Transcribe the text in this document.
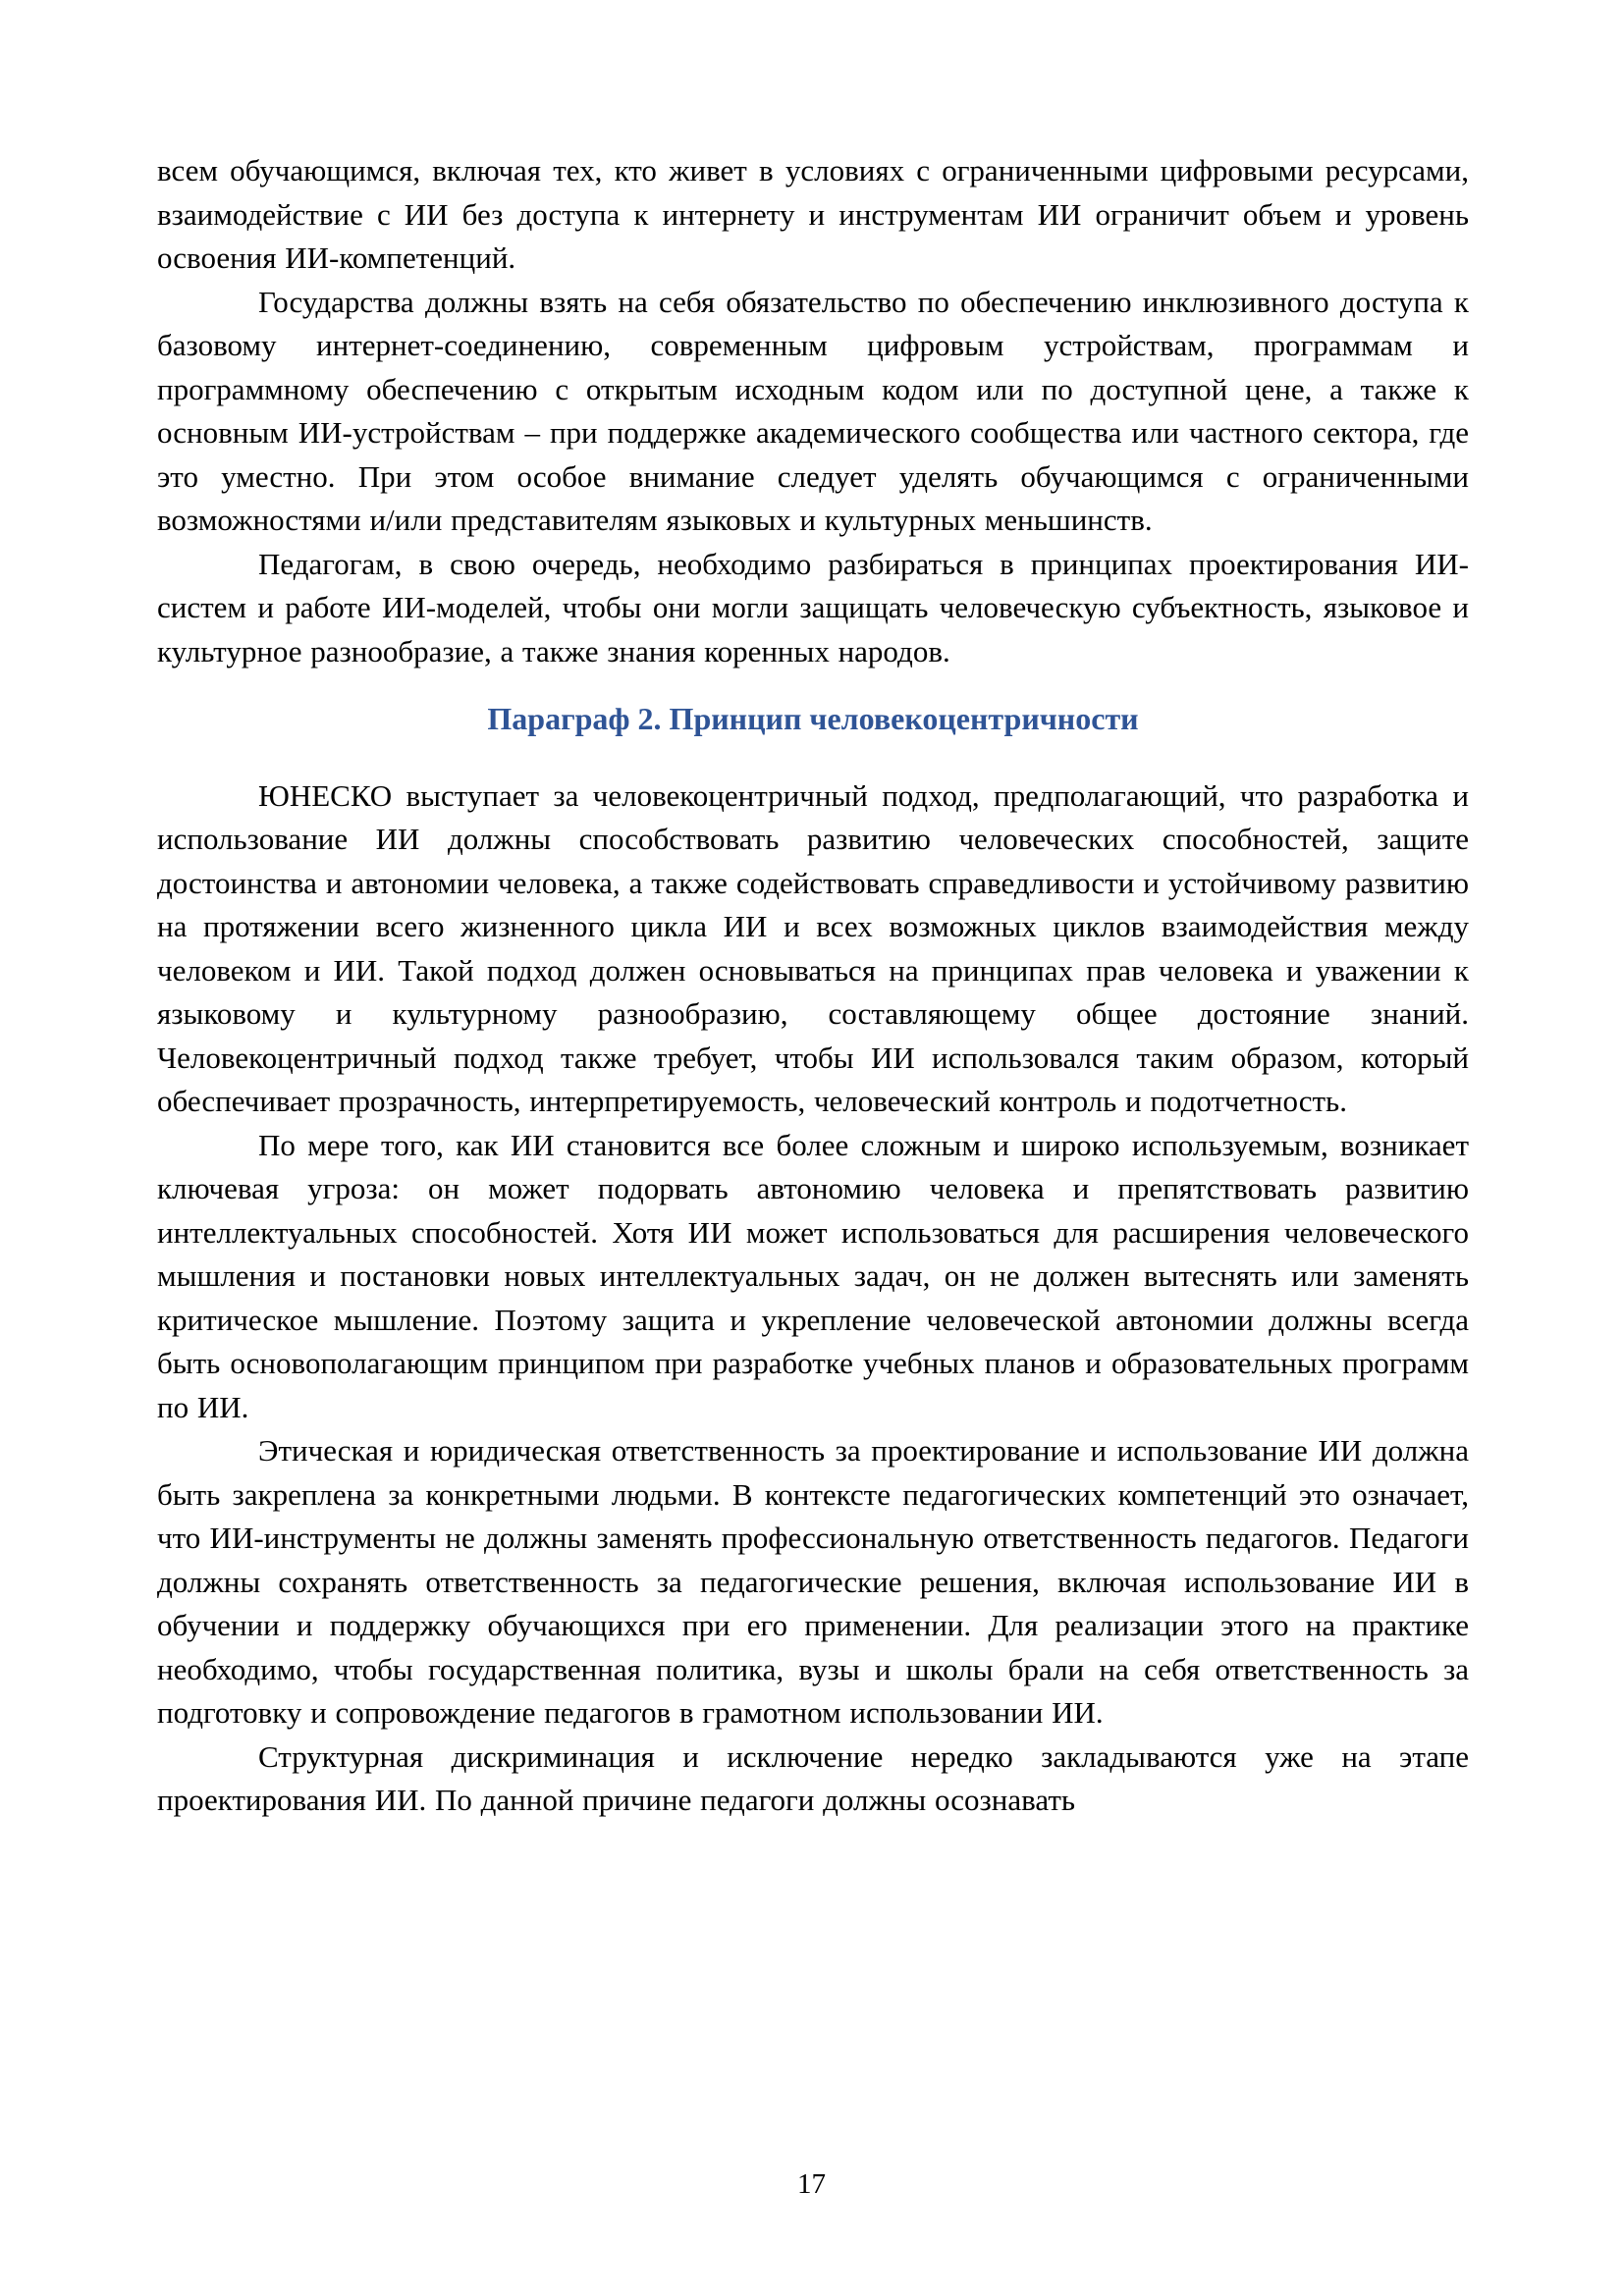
всем обучающимся, включая тех, кто живет в условиях с ограниченными цифровыми ресурсами, взаимодействие с ИИ без доступа к интернету и инструментам ИИ ограничит объем и уровень освоения ИИ-компетенций.

Государства должны взять на себя обязательство по обеспечению инклюзивного доступа к базовому интернет-соединению, современным цифровым устройствам, программам и программному обеспечению с открытым исходным кодом или по доступной цене, а также к основным ИИ-устройствам – при поддержке академического сообщества или частного сектора, где это уместно. При этом особое внимание следует уделять обучающимся с ограниченными возможностями и/или представителям языковых и культурных меньшинств.

Педагогам, в свою очередь, необходимо разбираться в принципах проектирования ИИ-систем и работе ИИ-моделей, чтобы они могли защищать человеческую субъектность, языковое и культурное разнообразие, а также знания коренных народов.

Параграф 2. Принцип человекоцентричности

ЮНЕСКО выступает за человекоцентричный подход, предполагающий, что разработка и использование ИИ должны способствовать развитию человеческих способностей, защите достоинства и автономии человека, а также содействовать справедливости и устойчивому развитию на протяжении всего жизненного цикла ИИ и всех возможных циклов взаимодействия между человеком и ИИ. Такой подход должен основываться на принципах прав человека и уважении к языковому и культурному разнообразию, составляющему общее достояние знаний. Человекоцентричный подход также требует, чтобы ИИ использовался таким образом, который обеспечивает прозрачность, интерпретируемость, человеческий контроль и подотчетность.

По мере того, как ИИ становится все более сложным и широко используемым, возникает ключевая угроза: он может подорвать автономию человека и препятствовать развитию интеллектуальных способностей. Хотя ИИ может использоваться для расширения человеческого мышления и постановки новых интеллектуальных задач, он не должен вытеснять или заменять критическое мышление. Поэтому защита и укрепление человеческой автономии должны всегда быть основополагающим принципом при разработке учебных планов и образовательных программ по ИИ.

Этическая и юридическая ответственность за проектирование и использование ИИ должна быть закреплена за конкретными людьми. В контексте педагогических компетенций это означает, что ИИ-инструменты не должны заменять профессиональную ответственность педагогов. Педагоги должны сохранять ответственность за педагогические решения, включая использование ИИ в обучении и поддержку обучающихся при его применении. Для реализации этого на практике необходимо, чтобы государственная политика, вузы и школы брали на себя ответственность за подготовку и сопровождение педагогов в грамотном использовании ИИ.

Структурная дискриминация и исключение нередко закладываются уже на этапе проектирования ИИ. По данной причине педагоги должны осознавать

17
